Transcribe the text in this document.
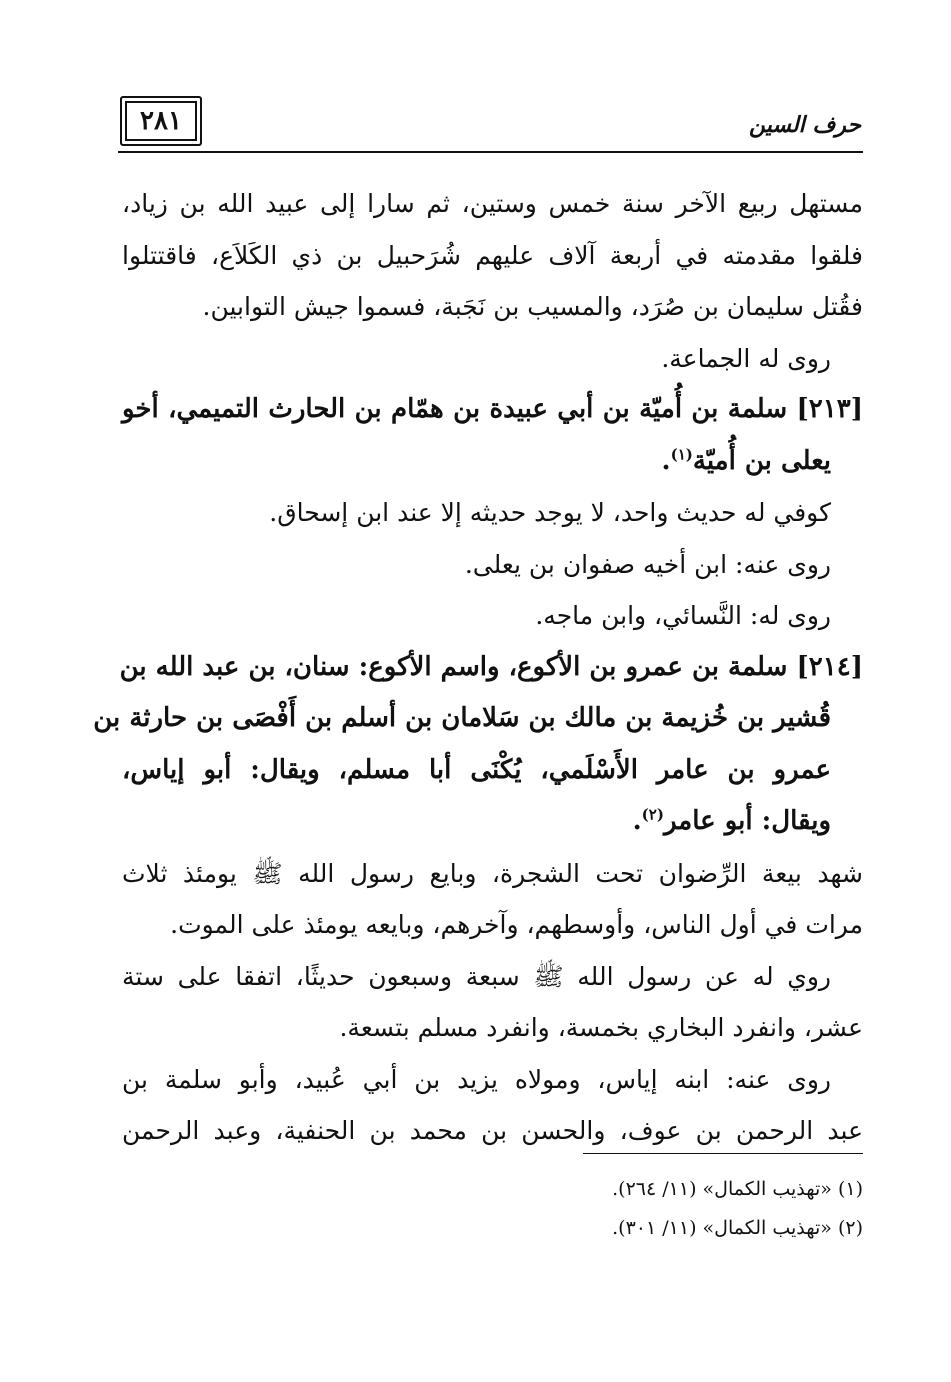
٢٨١	حرف السين
مستهل ربيع الآخر سنة خمس وستين، ثم سارا إلى عبيد الله بن زياد،
فلقوا مقدمته في أربعة آلاف عليهم شُرَحبيل بن ذي الكَلاَع، فاقتتلوا
فقُتل سليمان بن صُرَد، والمسيب بن نَجَبة، فسموا جيش التوابين.
روى له الجماعة.
[٢١٣] سلمة بن أُميّة بن أبي عبيدة بن همّام بن الحارث التميمي، أخو
يعلى بن أُميّة$^{(١)}$.
كوفي له حديث واحد، لا يوجد حديثه إلا عند ابن إسحاق.
روى عنه: ابن أخيه صفوان بن يعلى.
روى له: النَّسائي، وابن ماجه.
[٢١٤] سلمة بن عمرو بن الأكوع، واسم الأكوع: سنان، بن عبد الله بن
قُشير بن خُزيمة بن مالك بن سَلامان بن أسلم بن أَفْصَى بن حارثة بن
عمرو بن عامر الأَسْلَمي، يُكْنَى أبا مسلم، ويقال: أبو إياس،
ويقال: أبو عامر$^{(٢)}$.
شهد بيعة الرِّضوان تحت الشجرة، وبايع رسول الله ﷺ يومئذ ثلاث
مرات في أول الناس، وأوسطهم، وآخرهم، وبايعه يومئذ على الموت.
روي له عن رسول الله ﷺ سبعة وسبعون حديثًا، اتفقا على ستة
عشر، وانفرد البخاري بخمسة، وانفرد مسلم بتسعة.
روى عنه: ابنه إياس، ومولاه يزيد بن أبي عُبيد، وأبو سلمة بن
عبد الرحمن بن عوف، والحسن بن محمد بن الحنفية، وعبد الرحمن
(١) «تهذيب الكمال» (١١/ ٢٦٤).
(٢) «تهذيب الكمال» (١١/ ٣٠١).
